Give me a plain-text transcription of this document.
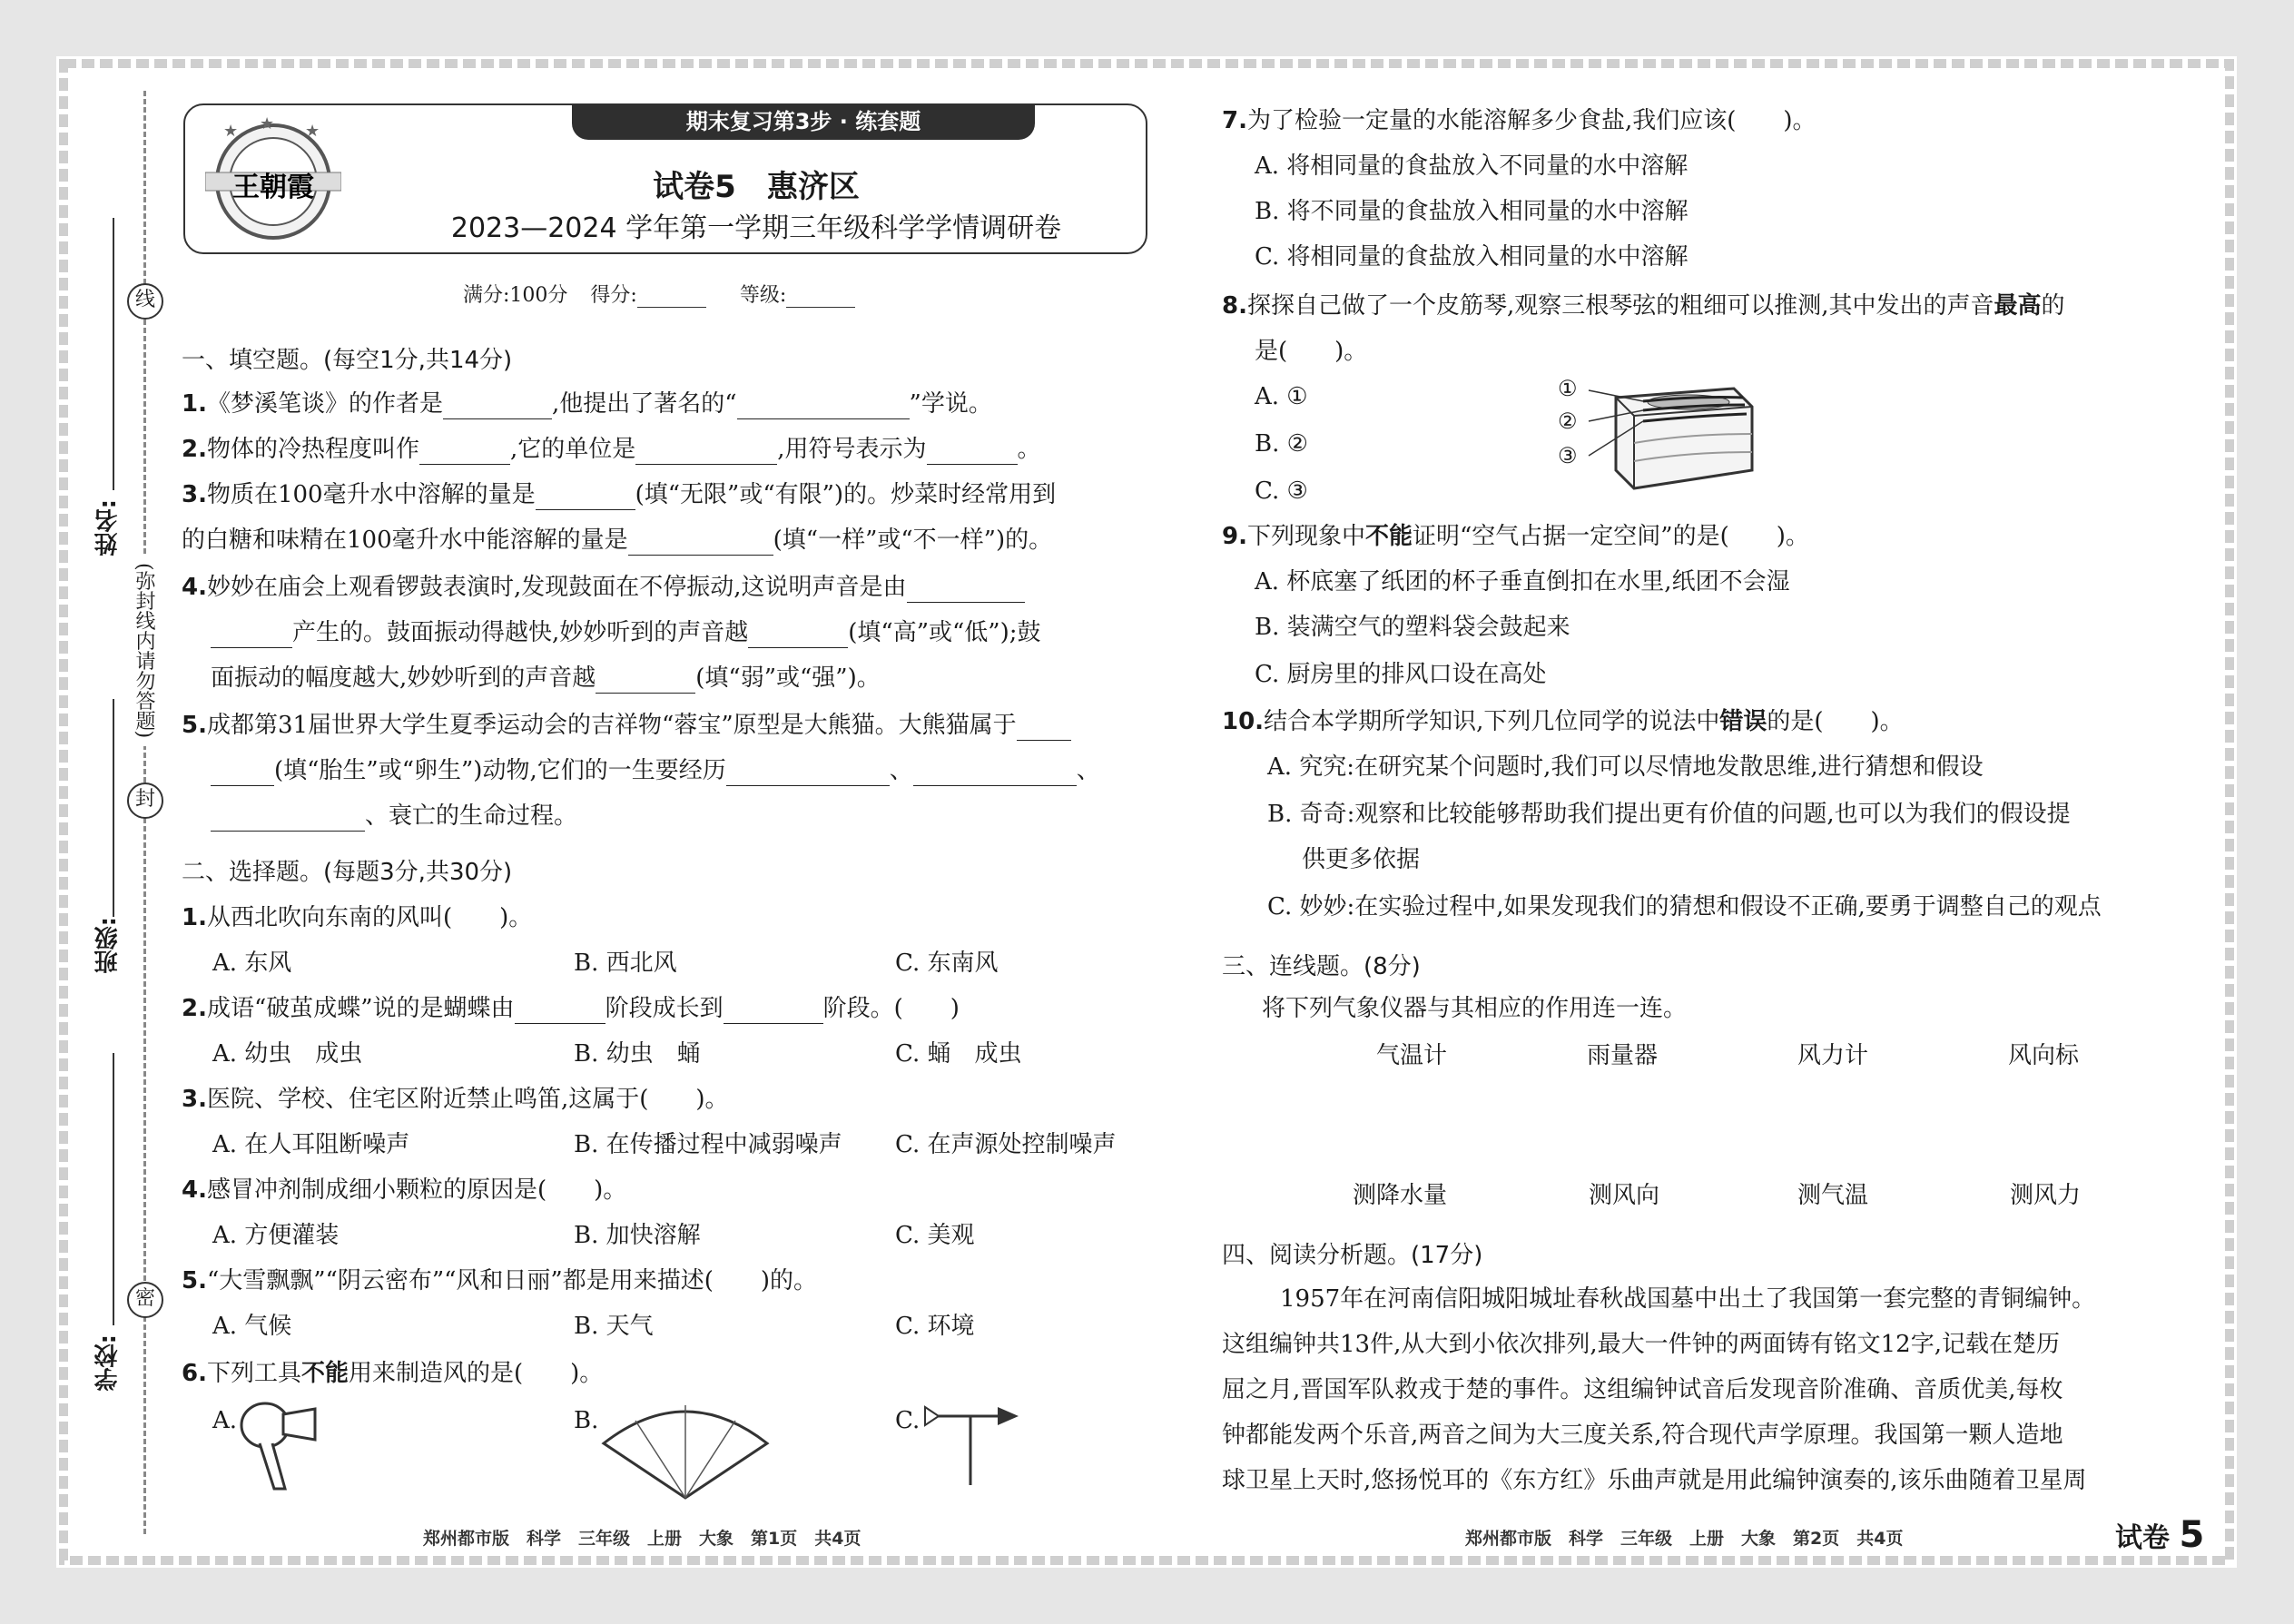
线
(弥封线内请勿答题)
封
密
姓名:
班级:
学校:
期末复习第3步 · 练套题
王朝霞
★ ★ ★
试卷5　惠济区
2023—2024 学年第一学期三年级科学学情调研卷
满分:100分 得分:	等级:
一、填空题。(每空1分,共14分)
1.《梦溪笔谈》的作者是	,他提出了著名的“	”学说。
2.物体的冷热程度叫作	,它的单位是	,用符号表示为	。
3.物质在100毫升水中溶解的量是	(填“无限”或“有限”)的。炒菜时经常用到
的白糖和味精在100毫升水中能溶解的量是	(填“一样”或“不一样”)的。
4.妙妙在庙会上观看锣鼓表演时,发现鼓面在不停振动,这说明声音是由
产生的。鼓面振动得越快,妙妙听到的声音越	(填“高”或“低”);鼓
面振动的幅度越大,妙妙听到的声音越	(填“弱”或“强”)。
5.成都第31届世界大学生夏季运动会的吉祥物“蓉宝”原型是大熊猫。大熊猫属于
(填“胎生”或“卵生”)动物,它们的一生要经历	、	、
、衰亡的生命过程。
二、选择题。(每题3分,共30分)
1.从西北吹向东南的风叫(　　)。
A. 东风	B. 西北风	C. 东南风
2.成语“破茧成蝶”说的是蝴蝶由	阶段成长到	阶段。(　　)
A. 幼虫　成虫	B. 幼虫　蛹	C. 蛹　成虫
3.医院、学校、住宅区附近禁止鸣笛,这属于(　　)。
A. 在人耳阻断噪声	B. 在传播过程中减弱噪声 C. 在声源处控制噪声
4.感冒冲剂制成细小颗粒的原因是(　　)。
A. 方便灌装	B. 加快溶解	C. 美观
5.“大雪飘飘”“阴云密布”“风和日丽”都是用来描述(　　)的。
A. 气候	B. 天气	C. 环境
6.下列工具不能用来制造风的是(　　)。
A.	B.	C.
7.为了检验一定量的水能溶解多少食盐,我们应该(　　)。
A. 将相同量的食盐放入不同量的水中溶解
B. 将不同量的食盐放入相同量的水中溶解
C. 将相同量的食盐放入相同量的水中溶解
8.探探自己做了一个皮筋琴,观察三根琴弦的粗细可以推测,其中发出的声音最高的
是(　　)。
A. ①
B. ②
C. ③
①
②
③
9.下列现象中不能证明“空气占据一定空间”的是(　　)。
A. 杯底塞了纸团的杯子垂直倒扣在水里,纸团不会湿
B. 装满空气的塑料袋会鼓起来
C. 厨房里的排风口设在高处
10.结合本学期所学知识,下列几位同学的说法中错误的是(　　)。
A. 究究:在研究某个问题时,我们可以尽情地发散思维,进行猜想和假设
B. 奇奇:观察和比较能够帮助我们提出更有价值的问题,也可以为我们的假设提
供更多依据
C. 妙妙:在实验过程中,如果发现我们的猜想和假设不正确,要勇于调整自己的观点
三、连线题。(8分)
将下列气象仪器与其相应的作用连一连。
气温计	雨量器	风力计	风向标
测降水量	测风向	测气温	测风力
四、阅读分析题。(17分)
1957年在河南信阳城阳城址春秋战国墓中出土了我国第一套完整的青铜编钟。
这组编钟共13件,从大到小依次排列,最大一件钟的两面铸有铭文12字,记载在楚历
屈之月,晋国军队救戎于楚的事件。这组编钟试音后发现音阶准确、音质优美,每枚
钟都能发两个乐音,两音之间为大三度关系,符合现代声学原理。我国第一颗人造地
球卫星上天时,悠扬悦耳的《东方红》乐曲声就是用此编钟演奏的,该乐曲随着卫星周
郑州都市版　科学　三年级　上册　大象　第1页　共4页	郑州都市版　科学　三年级　上册　大象　第2页　共4页	试卷 5
